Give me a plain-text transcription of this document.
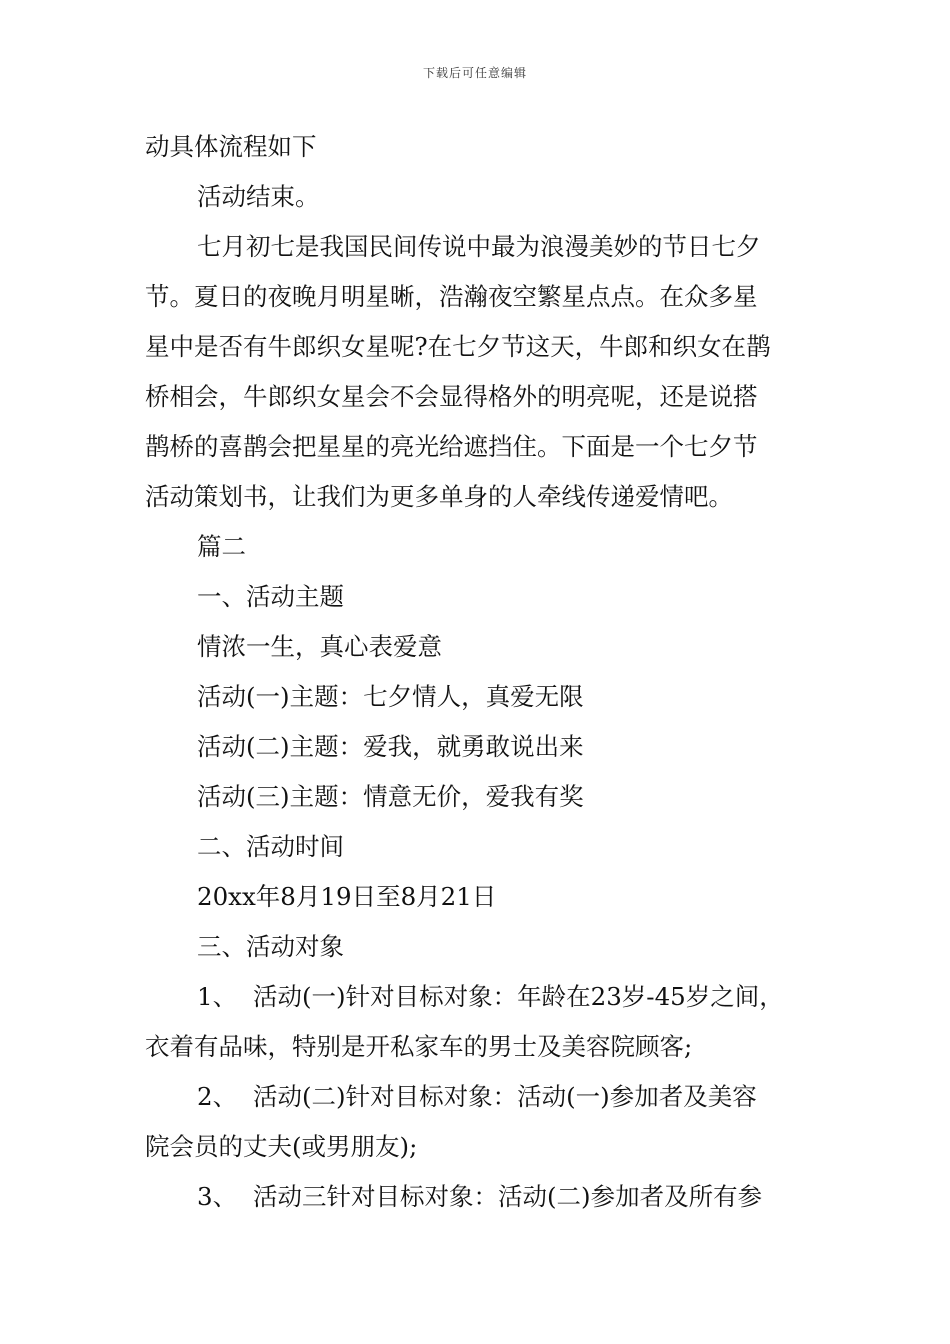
下载后可任意编辑
动具体流程如下
活动结束。
七月初七是我国民间传说中最为浪漫美妙的节日七夕
节。夏日的夜晚月明星晰，浩瀚夜空繁星点点。在众多星
星中是否有牛郎织女星呢?在七夕节这天，牛郎和织女在鹊
桥相会，牛郎织女星会不会显得格外的明亮呢，还是说搭
鹊桥的喜鹊会把星星的亮光给遮挡住。下面是一个七夕节
活动策划书，让我们为更多单身的人牵线传递爱情吧。
篇二
一、活动主题
情浓一生，真心表爱意
活动(一)主题：七夕情人，真爱无限
活动(二)主题：爱我，就勇敢说出来
活动(三)主题：情意无价，爱我有奖
二、活动时间
20xx年8月19日至8月21日
三、活动对象
1、 活动(一)针对目标对象：年龄在23岁-45岁之间，
衣着有品味，特别是开私家车的男士及美容院顾客;
2、 活动(二)针对目标对象：活动(一)参加者及美容
院会员的丈夫(或男朋友);
3、 活动三针对目标对象：活动(二)参加者及所有参
